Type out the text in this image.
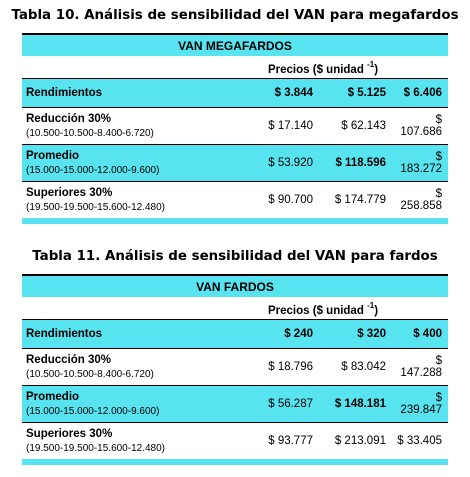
Tabla 10. Análisis de sensibilidad del VAN para megafardos
VAN MEGAFARDOS
Precios ($ unidad $^{-1}$)
Rendimientos	$ 3.844	$ 5.125	$ 6.406
Reducción 30%
(10.500-10.500-8.400-6.720)
$ 17.140	$ 62.143	$ 107.686
Promedio
(15.000-15.000-12.000-9.600)
$ 53.920	$ 118.596	$ 183.272
Superiores 30%
(19.500-19.500-15.600-12.480)
$ 90.700	$ 174.779	$ 258.858
Tabla 11. Análisis de sensibilidad del VAN para fardos
VAN FARDOS
Precios ($ unidad $^{-1}$)
Rendimientos	$ 240	$ 320	$ 400
Reducción 30%
(10.500-10.500-8.400-6.720)
$ 18.796	$ 83.042	$ 147.288
Promedio
(15.000-15.000-12.000-9.600)
$ 56.287	$ 148.181	$ 239.847
Superiores 30%
(19.500-19.500-15.600-12.480)
$ 93.777	$ 213.091 $ 33.405
